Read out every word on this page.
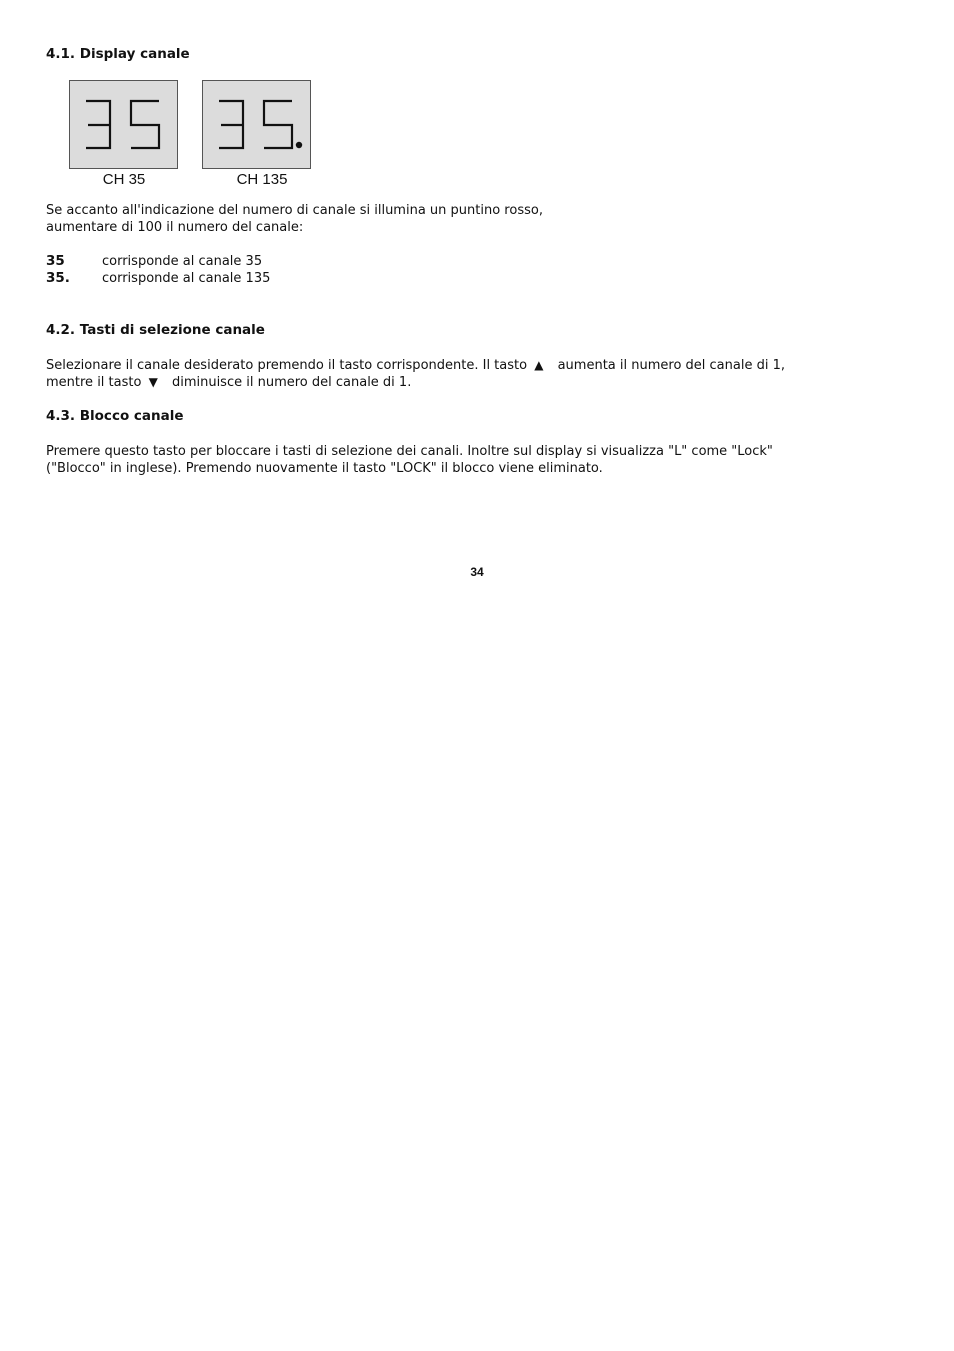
4.1. Display canale
CH 35	CH 135
Se accanto all'indicazione del numero di canale si illumina un puntino rosso,
aumentare di 100 il numero del canale:
35	corrisponde al canale 35
35. corrisponde al canale 135
4.2. Tasti di selezione canale
Selezionare il canale desiderato premendo il tasto corrispondente. Il tasto ▲ aumenta il numero del canale di 1,
mentre il tasto ▼ diminuisce il numero del canale di 1.
4.3. Blocco canale
Premere questo tasto per bloccare i tasti di selezione dei canali. Inoltre sul display si visualizza "L" come "Lock"
("Blocco" in inglese). Premendo nuovamente il tasto "LOCK" il blocco viene eliminato.
34
